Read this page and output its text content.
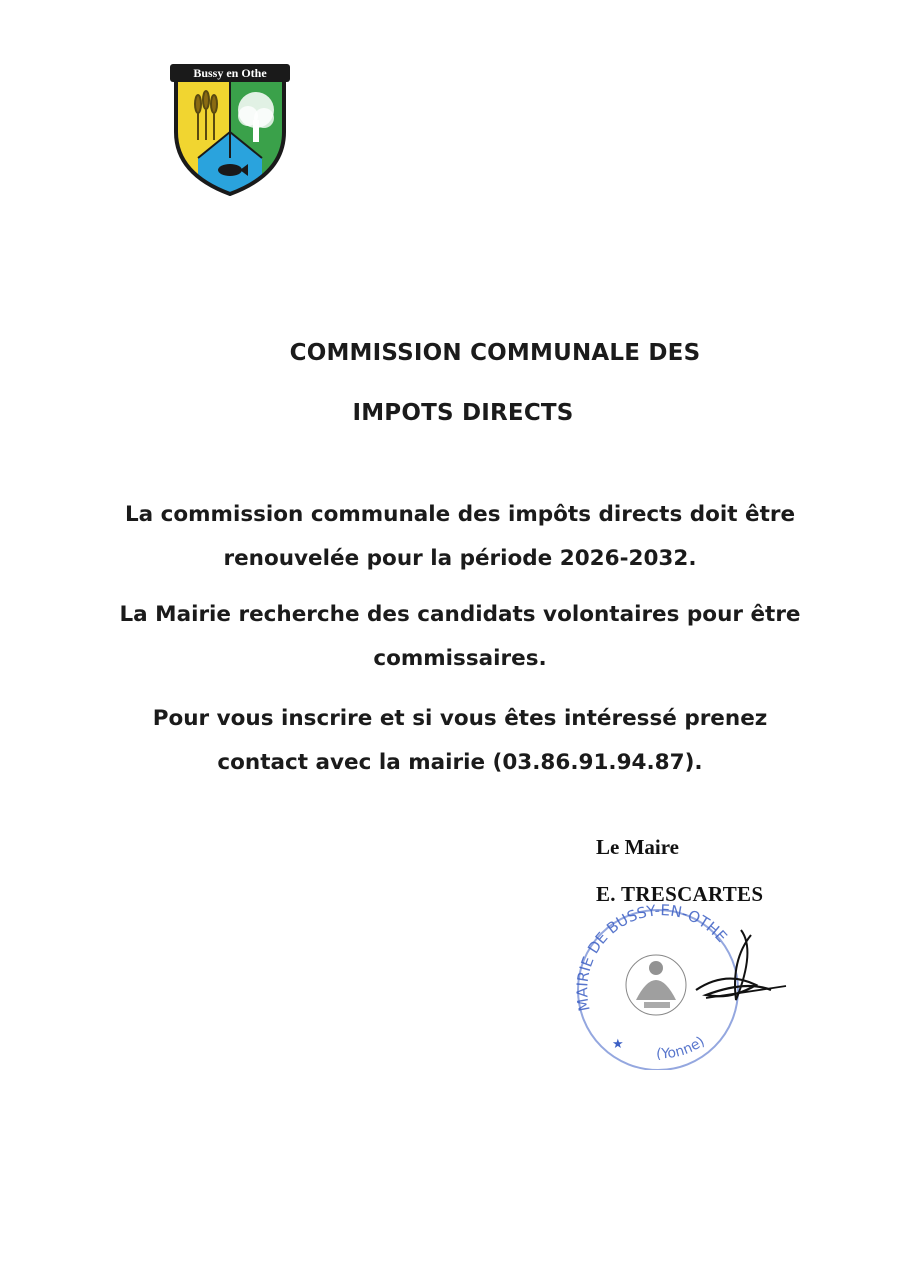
Bussy en Othe
COMMISSION COMMUNALE DES
IMPOTS DIRECTS
La commission communale des impôts directs doit être
renouvelée pour la période 2026-2032.
La Mairie recherche des candidats volontaires pour être
commissaires.
Pour vous inscrire et si vous êtes intéressé prenez
contact avec la mairie (03.86.91.94.87).
MAIRIE DE BUSSY-EN-OTHE
(Yonne)
★
Le Maire
E. TRESCARTES
